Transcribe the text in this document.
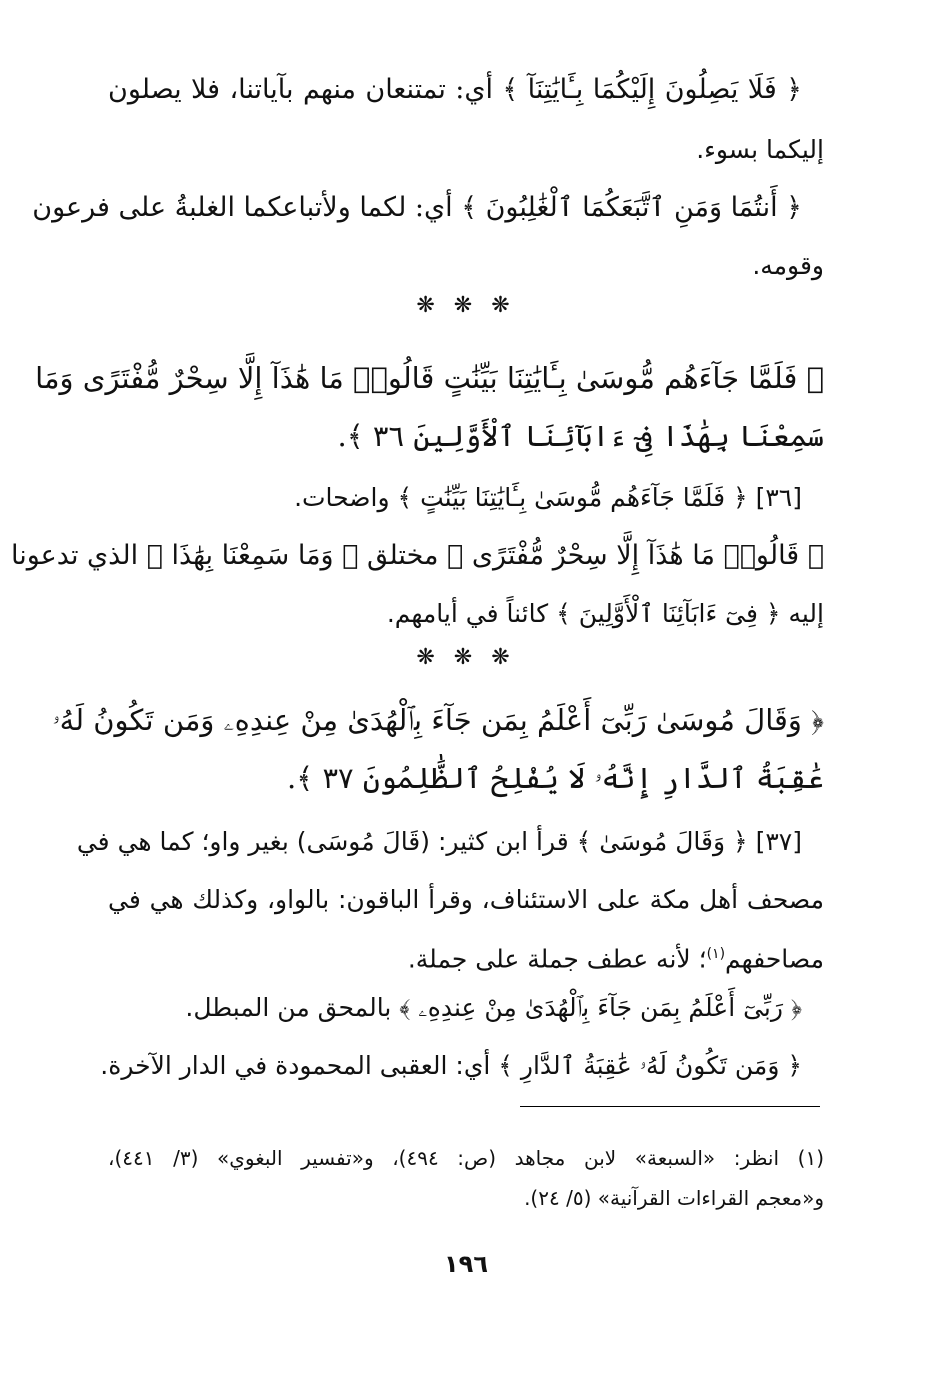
﴿ فَلَا يَصِلُونَ إِلَيْكُمَا بِـَٔايَٰتِنَآ ﴾ أي: تمتنعان منهم بآياتنا، فلا يصلون
إليكما بسوء.
﴿ أَنتُمَا وَمَنِ ٱتَّبَعَكُمَا ٱلْغَٰلِبُونَ ﴾ أي: لكما ولأتباعكما الغلبةُ على فرعون
وقومه.
❋ ❋ ❋
﴿ فَلَمَّا جَآءَهُم مُّوسَىٰ بِـَٔايَٰتِنَا بَيِّنَٰتٍ قَالُوا۟ مَا هَٰذَآ إِلَّا سِحْرٌ مُّفْتَرًى وَمَا
سَمِعْنَا بِهَٰذَا فِىٓ ءَابَآئِنَا ٱلْأَوَّلِينَ ٣٦ ﴾.
[٣٦] ﴿ فَلَمَّا جَآءَهُم مُّوسَىٰ بِـَٔايَٰتِنَا بَيِّنَٰتٍ ﴾ واضحات.
﴿ قَالُوا۟ مَا هَٰذَآ إِلَّا سِحْرٌ مُّفْتَرًى ﴾ مختلق ﴿ وَمَا سَمِعْنَا بِهَٰذَا ﴾ الذي تدعونا
إليه ﴿ فِىٓ ءَابَآئِنَا ٱلْأَوَّلِينَ ﴾ كائناً في أيامهم.
❋ ❋ ❋
﴿ وَقَالَ مُوسَىٰ رَبِّىٓ أَعْلَمُ بِمَن جَآءَ بِٱلْهُدَىٰ مِنْ عِندِهِۦ وَمَن تَكُونُ لَهُۥ
عَٰقِبَةُ ٱلدَّارِ إِنَّهُۥ لَا يُفْلِحُ ٱلظَّٰلِمُونَ ٣٧ ﴾.
[٣٧] ﴿ وَقَالَ مُوسَىٰ ﴾ قرأ ابن كثير: (قَالَ مُوسَى) بغير واو؛ كما هي في
مصحف أهل مكة على الاستئناف، وقرأ الباقون: بالواو، وكذلك هي في
مصاحفهم$^{(١)}$؛ لأنه عطف جملة على جملة.
﴿ رَبِّىٓ أَعْلَمُ بِمَن جَآءَ بِٱلْهُدَىٰ مِنْ عِندِهِۦ ﴾ بالمحق من المبطل.
﴿ وَمَن تَكُونُ لَهُۥ عَٰقِبَةُ ٱلدَّارِ ﴾ أي: العقبى المحمودة في الدار الآخرة.
(١) انظر: «السبعة» لابن مجاهد (ص: ٤٩٤)، و«تفسير البغوي» (٣/ ٤٤١)،
و«معجم القراءات القرآنية» (٥/ ٢٤).
١٩٦
